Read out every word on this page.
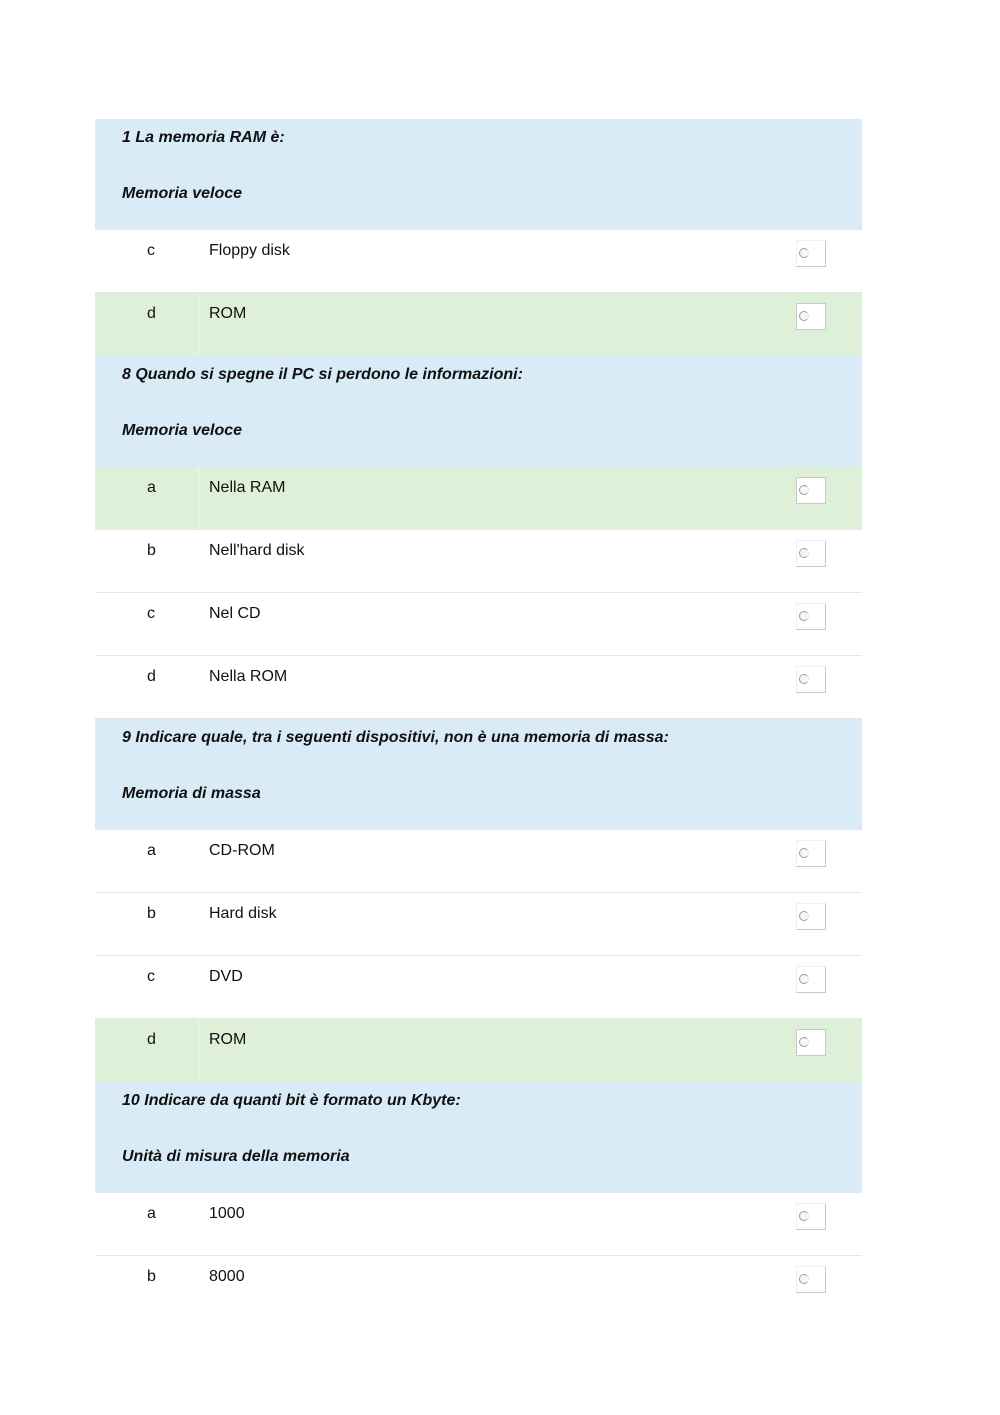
1 La memoria RAM è:
Memoria veloce
c	Floppy disk
d	ROM
8 Quando si spegne il PC si perdono le informazioni:
Memoria veloce
a	Nella RAM
b	Nell'hard disk
c	Nel CD
d	Nella ROM
9 Indicare quale, tra i seguenti dispositivi, non è una memoria di massa:
Memoria di massa
a	CD-ROM
b	Hard disk
c	DVD
d	ROM
10 Indicare da quanti bit è formato un Kbyte:
Unità di misura della memoria
a	1000
b	8000
